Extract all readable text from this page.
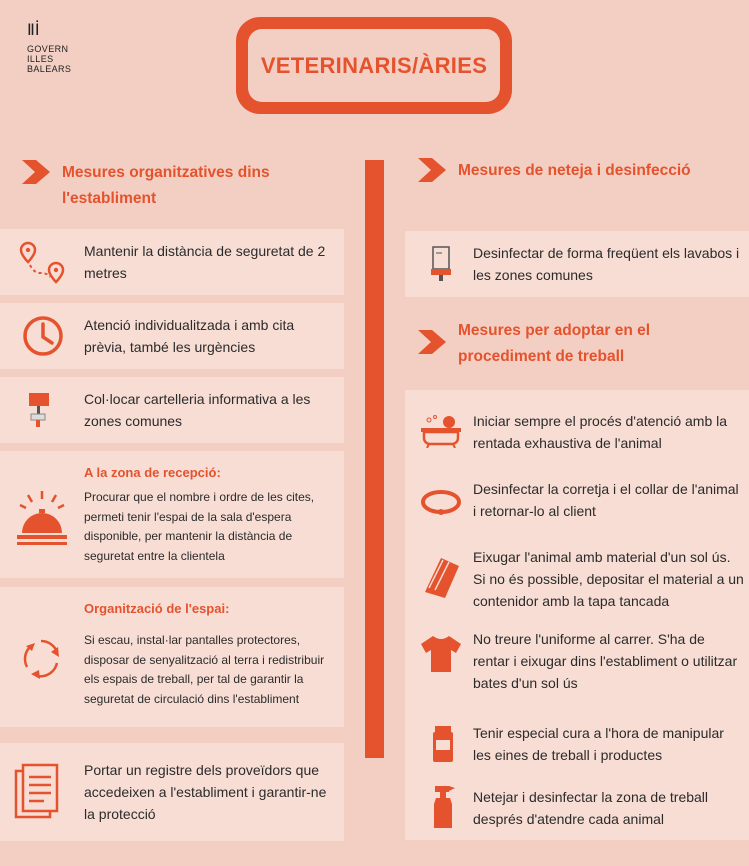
Ⅱİ
GOVERN
ILLES
BALEARS	VETERINARIS/ÀRIES
Mesures organitzatives dins l'establiment
Mantenir la distància de seguretat de 2 metres
Atenció individualitzada i amb cita prèvia, també les urgències
Col·locar cartelleria informativa a les zones comunes
A la zona de recepció:
Procurar que el nombre i ordre de les cites, permeti tenir l'espai de la sala d'espera disponible, per mantenir la distància de seguretat entre la clientela
Organització de l'espai:
Si escau, instal·lar pantalles protectores, disposar de senyalització al terra i redistribuir els espais de treball, per tal de garantir la seguretat de circulació dins l'establiment
Portar un registre dels proveïdors que accedeixen a l'establiment i garantir-ne la protecció
Mesures de neteja i desinfecció
Desinfectar de forma freqüent els lavabos i les zones comunes
Mesures per adoptar en el procediment de treball
Iniciar sempre el procés d'atenció amb la rentada exhaustiva de l'animal
Desinfectar la corretja i el collar de l'animal i retornar-lo al client
Eixugar l'animal amb material d'un sol ús. Si no és possible, depositar el material a un contenidor amb la tapa tancada
No treure l'uniforme al carrer. S'ha de rentar i eixugar dins l'establiment o utilitzar bates d'un sol ús
Tenir especial cura a l'hora de manipular les eines de treball i productes
Netejar i desinfectar la zona de treball després d'atendre cada animal
